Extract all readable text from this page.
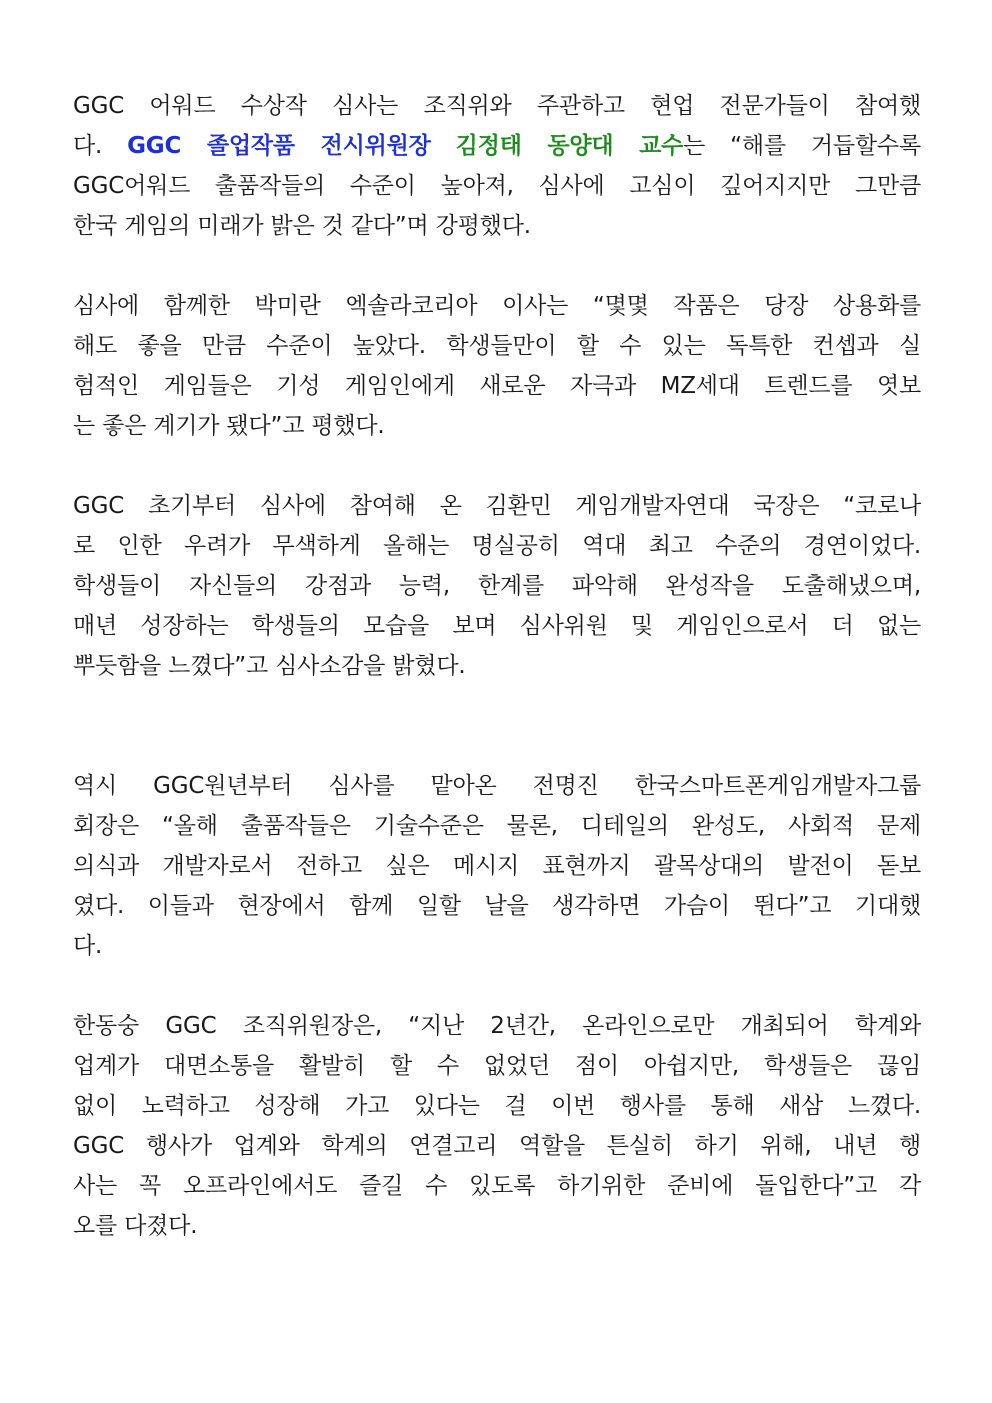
GGC 어워드 수상작 심사는 조직위와 주관하고 현업 전문가들이 참여했
다. GGC 졸업작품 전시위원장 김정태 동양대 교수는 “해를 거듭할수록
GGC어워드 출품작들의 수준이 높아져, 심사에 고심이 깊어지지만 그만큼
한국 게임의 미래가 밝은 것 같다”며 강평했다.

심사에 함께한 박미란 엑솔라코리아 이사는 “몇몇 작품은 당장 상용화를
해도 좋을 만큼 수준이 높았다. 학생들만이 할 수 있는 독특한 컨셉과 실
험적인 게임들은 기성 게임인에게 새로운 자극과 MZ세대 트렌드를 엿보
는 좋은 계기가 됐다”고 평했다.

GGC 초기부터 심사에 참여해 온 김환민 게임개발자연대 국장은 “코로나
로 인한 우려가 무색하게 올해는 명실공히 역대 최고 수준의 경연이었다.
학생들이 자신들의 강점과 능력, 한계를 파악해 완성작을 도출해냈으며,
매년 성장하는 학생들의 모습을 보며 심사위원 및 게임인으로서 더 없는
뿌듯함을 느꼈다”고 심사소감을 밝혔다.

역시 GGC원년부터 심사를 맡아온 전명진 한국스마트폰게임개발자그룹
회장은 “올해 출품작들은 기술수준은 물론, 디테일의 완성도, 사회적 문제
의식과 개발자로서 전하고 싶은 메시지 표현까지 괄목상대의 발전이 돋보
였다. 이들과 현장에서 함께 일할 날을 생각하면 가슴이 뛴다”고 기대했
다.

한동숭 GGC 조직위원장은, “지난 2년간, 온라인으로만 개최되어 학계와
업계가 대면소통을 활발히 할 수 없었던 점이 아쉽지만, 학생들은 끊임
없이 노력하고 성장해 가고 있다는 걸 이번 행사를 통해 새삼 느꼈다.
GGC 행사가 업계와 학계의 연결고리 역할을 튼실히 하기 위해, 내년 행
사는 꼭 오프라인에서도 즐길 수 있도록 하기위한 준비에 돌입한다”고 각
오를 다졌다.
